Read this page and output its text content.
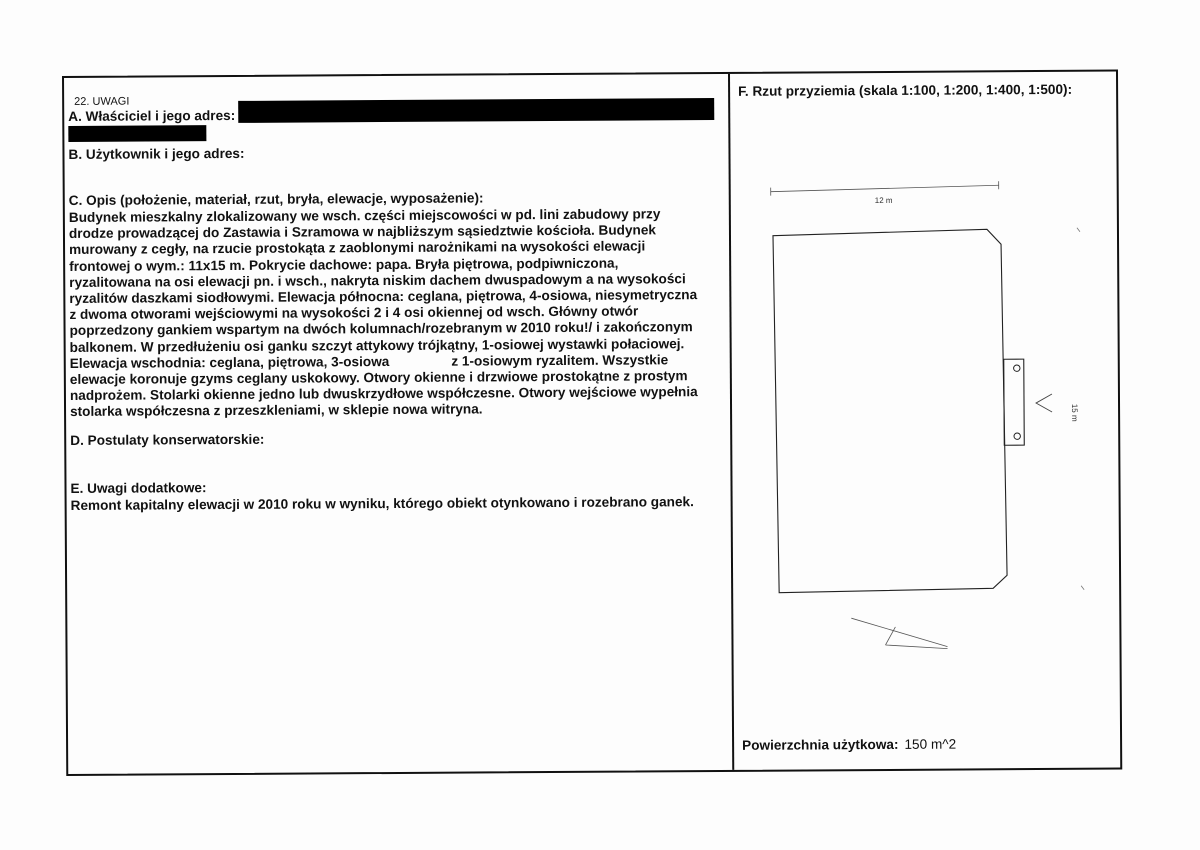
22. UWAGI
A. Właściciel i jego adres:
B. Użytkownik i jego adres:
C. Opis (położenie, materiał, rzut, bryła, elewacje, wyposażenie):
Budynek mieszkalny zlokalizowany we wsch. części miejscowości w pd. lini zabudowy przy
drodze prowadzącej do Zastawia i Szramowa w najbliższym sąsiedztwie kościoła. Budynek
murowany z cegły, na rzucie prostokąta z zaoblonymi narożnikami na wysokości elewacji
frontowej o wym.: 11x15 m. Pokrycie dachowe: papa. Bryła piętrowa, podpiwniczona,
ryzalitowana na osi elewacji pn. i wsch., nakryta niskim dachem dwuspadowym a na wysokości
ryzalitów daszkami siodłowymi. Elewacja północna: ceglana, piętrowa, 4-osiowa, niesymetryczna
z dwoma otworami wejściowymi na wysokości 2 i 4 osi okiennej od wsch. Główny otwór
poprzedzony gankiem wspartym na dwóch kolumnach/rozebranym w 2010 roku!/ i zakończonym
balkonem. W przedłużeniu osi ganku szczyt attykowy trójkątny, 1-osiowej wystawki połaciowej.
Elewacja wschodnia: ceglana, piętrowa, 3-osiowa	z 1-osiowym ryzalitem. Wszystkie
elewacje koronuje gzyms ceglany uskokowy. Otwory okienne i drzwiowe prostokątne z prostym
nadprożem. Stolarki okienne jedno lub dwuskrzydłowe współczesne. Otwory wejściowe wypełnia
stolarka współczesna z przeszkleniami, w sklepie nowa witryna.
D. Postulaty konserwatorskie:
E. Uwagi dodatkowe:
Remont kapitalny elewacji w 2010 roku w wyniku, którego obiekt otynkowano i rozebrano ganek.
F. Rzut przyziemia (skala 1:100, 1:200, 1:400, 1:500):
12 m
15 m
Powierzchnia użytkowa: 150 m^2
